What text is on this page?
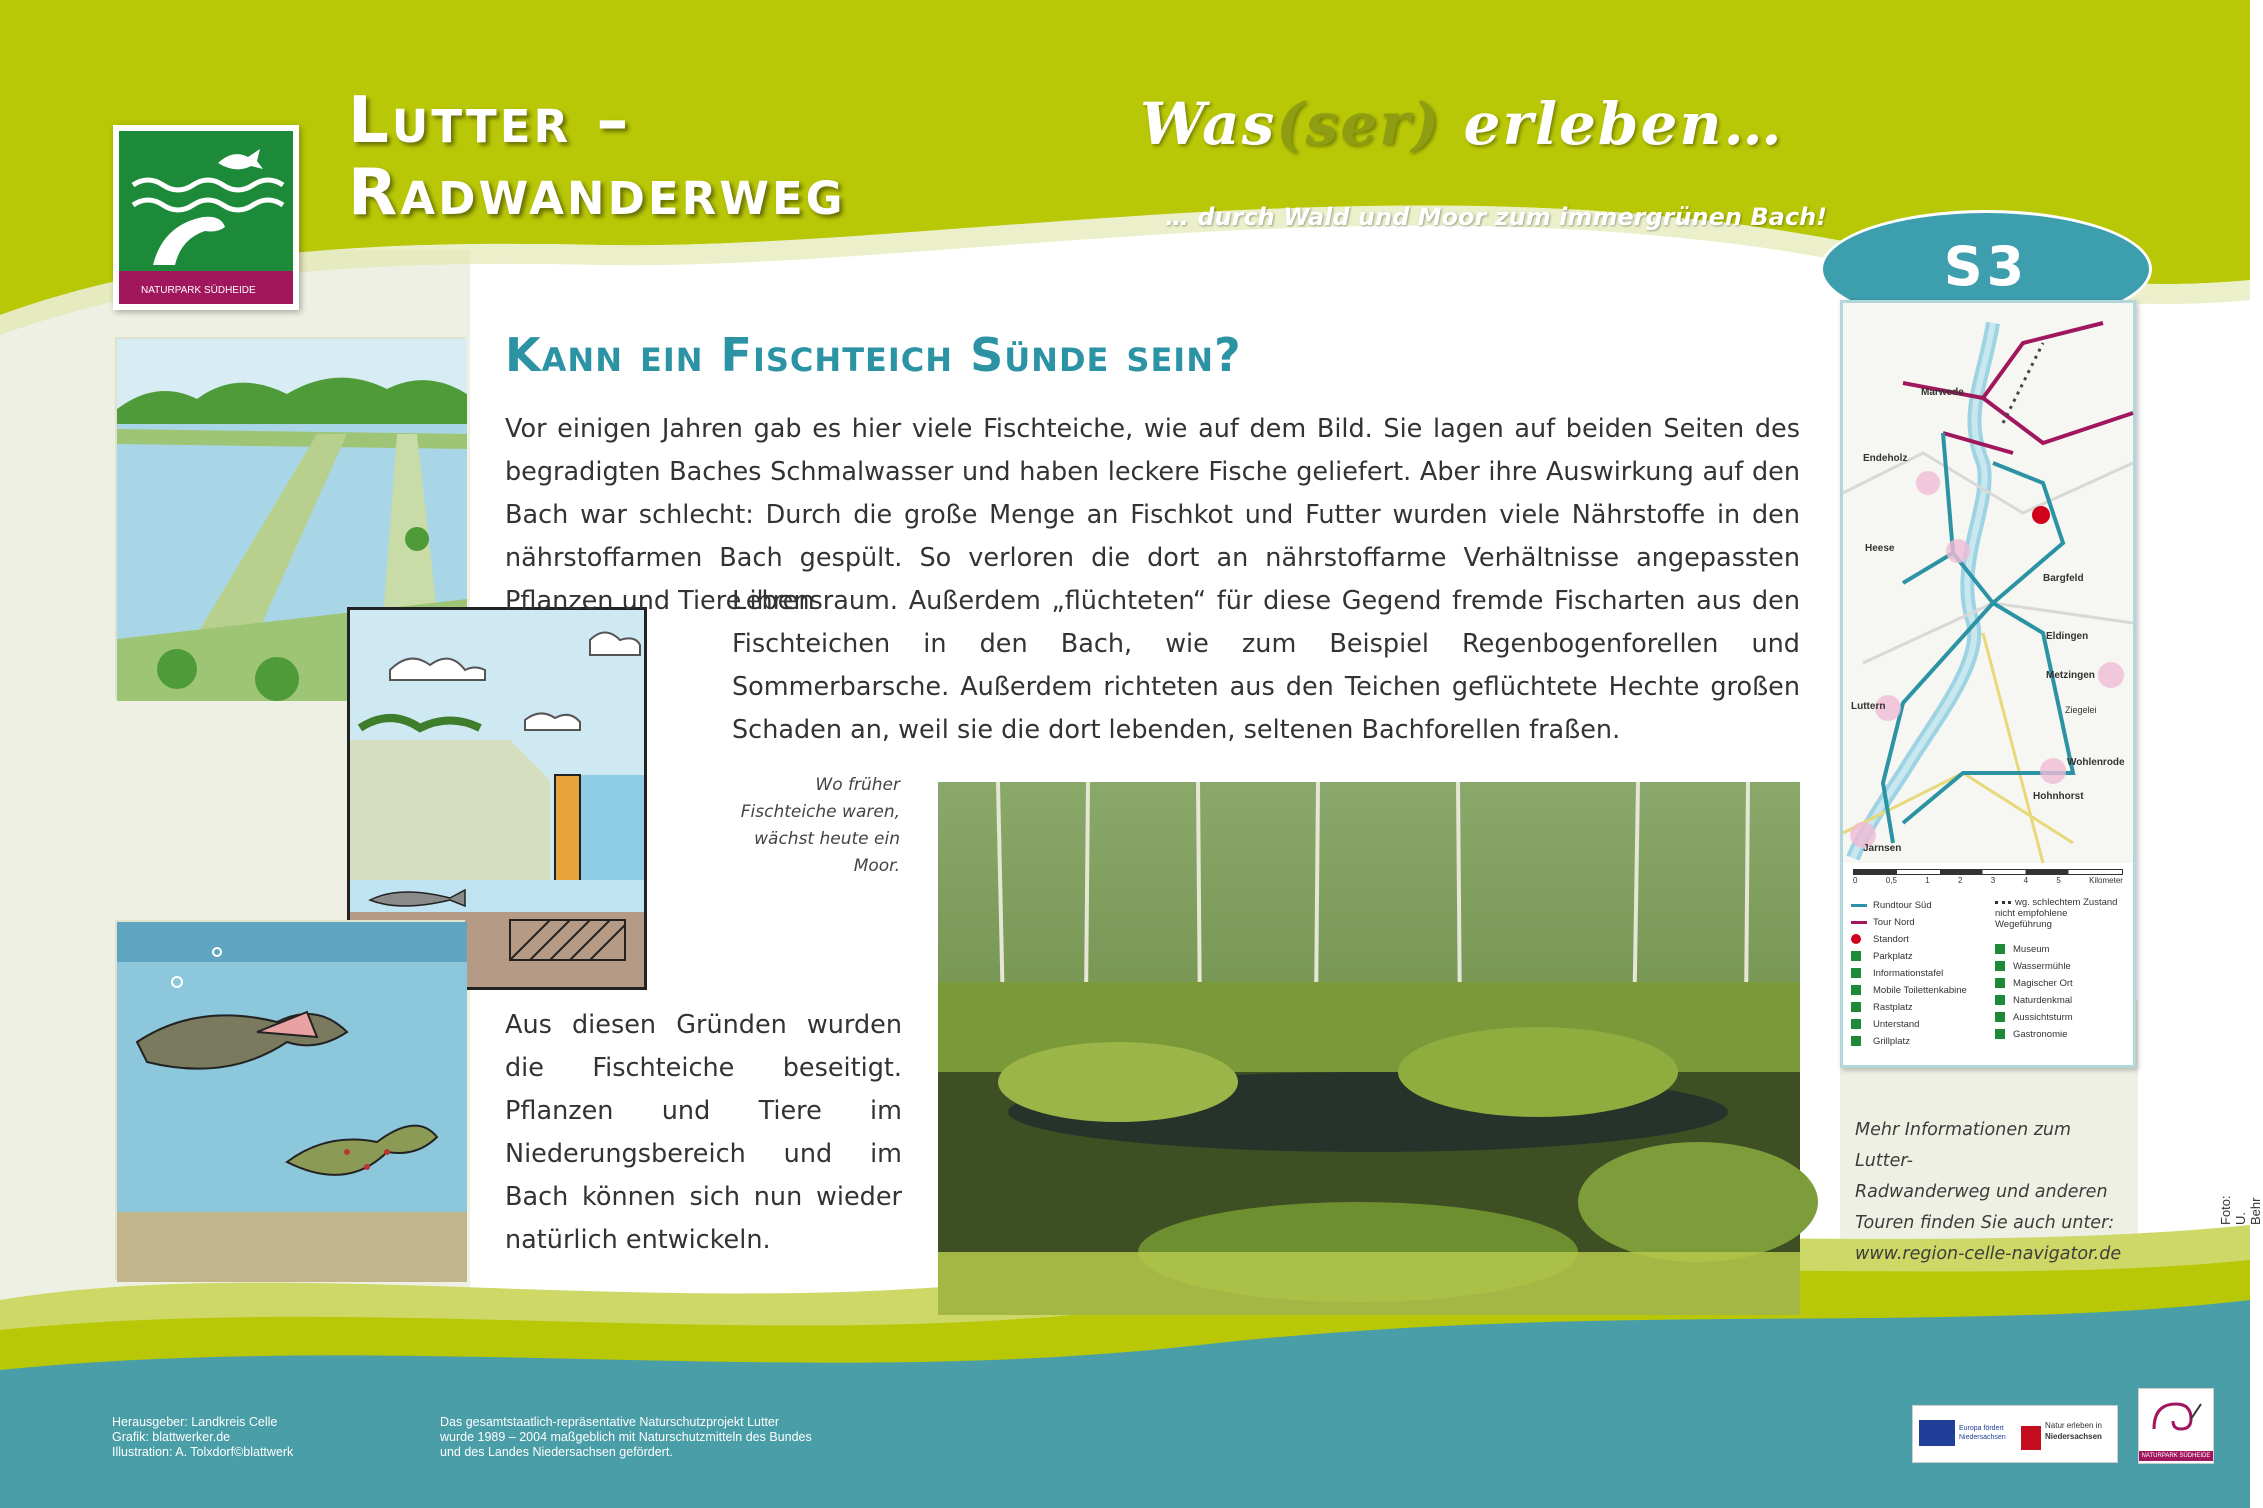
NATURPARK SÜDHEIDE
Lutter –
Radwanderweg
Was(ser) erleben…
… durch Wald und Moor zum immergrünen Bach!
S3
Marwede
Endeholz
Heese
Bargfeld
Eldingen
Metzingen
Luttern	Ziegelei
Wohlenrode
Hohnhorst
Jarnsen
0	0,5	1	2	3	4	5	Kilometer
Rundtour Süd
Tour Nord
Standort
Parkplatz
Informationstafel
Mobile Toilettenkabine
Rastplatz
Unterstand
Grillplatz
wg. schlechtem Zustand nicht empfohlene Wegeführung
Museum
Wassermühle
Magischer Ort
Naturdenkmal
Aussichtsturm
Gastronomie
Mehr Informationen zum Lutter-
Radwanderweg und anderen
Touren finden Sie auch unter:
www.region-celle-navigator.de
Foto: U. Behr
Kann ein Fischteich Sünde sein?
Vor einigen Jahren gab es hier viele Fischteiche, wie auf dem Bild. Sie lagen auf beiden Seiten des begradigten Baches Schmalwasser und haben leckere Fische geliefert. Aber ihre Auswirkung auf den Bach war schlecht: Durch die große Menge an Fischkot und Futter wurden viele Nährstoffe in den nährstoffarmen Bach gespült. So verloren die dort an nährstoffarme Verhältnisse angepassten Pflanzen und Tiere ihren
Lebensraum. Außerdem „flüchteten“ für diese Gegend fremde Fischarten aus den Fischteichen in den Bach, wie zum Beispiel Regenbogenforellen und Sommerbarsche. Außerdem richteten aus den Teichen geflüchtete Hechte großen Schaden an, weil sie die dort lebenden, seltenen Bachforellen fraßen.
Wo früher Fischteiche waren, wächst heute ein Moor.
Aus diesen Gründen wurden die Fischteiche beseitigt. Pflanzen und Tiere im Niederungsbereich und im Bach können sich nun wieder natürlich entwickeln.
Herausgeber: Landkreis Celle
Grafik: blattwerker.de
Illustration: A. Tolxdorf©blattwerk
Das gesamtstaatlich-repräsentative Naturschutzprojekt Lutter
wurde 1989 – 2004 maßgeblich mit Naturschutzmitteln des Bundes
und des Landes Niedersachsen gefördert.
Europa fördert Niedersachsen
Natur erleben in
Niedersachsen
NATURPARK SÜDHEIDE
